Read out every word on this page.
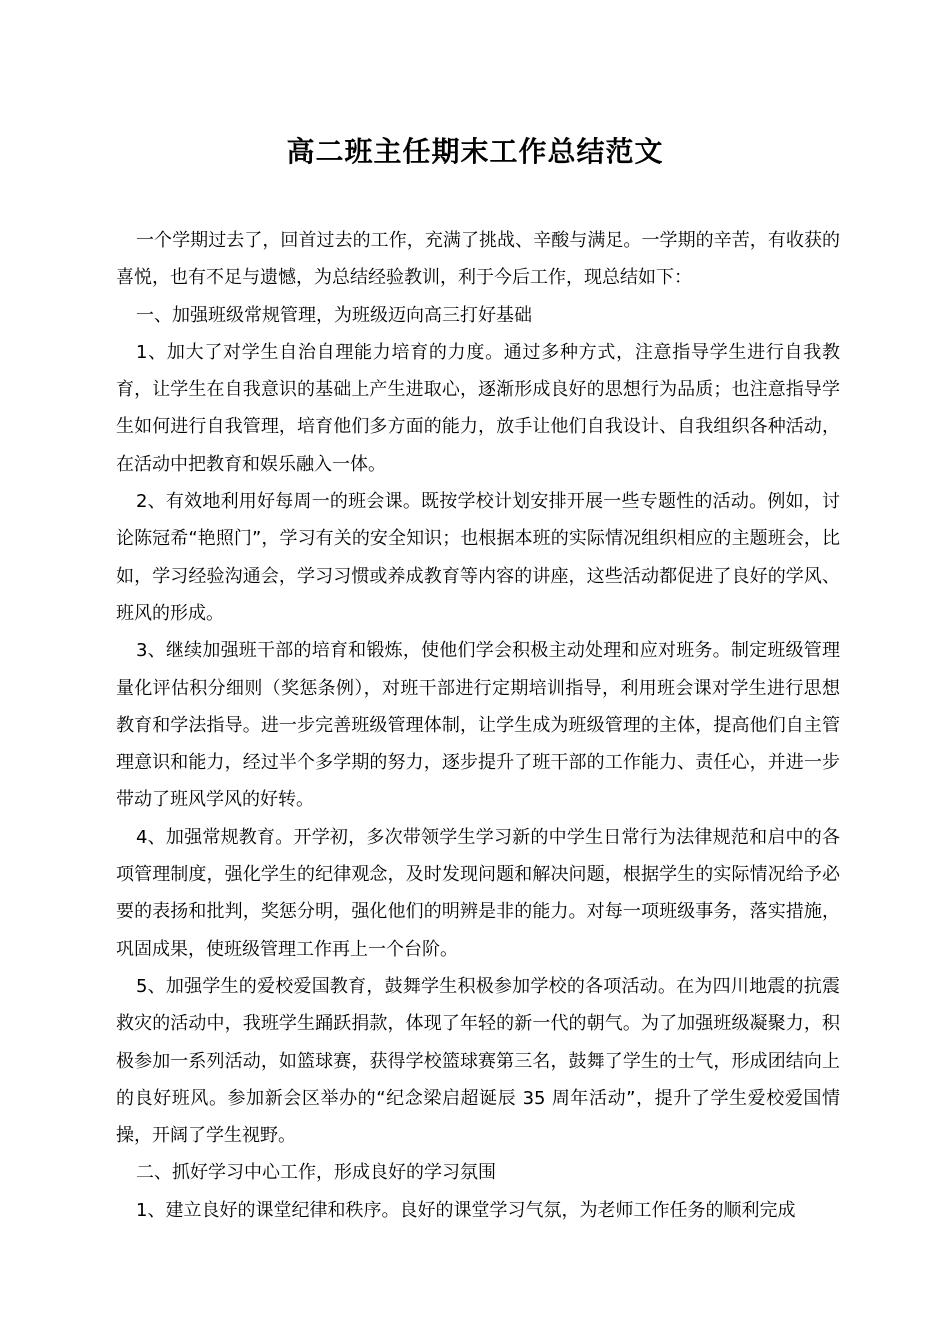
高二班主任期末工作总结范文

一个学期过去了，回首过去的工作，充满了挑战、辛酸与满足。一学期的辛苦，有收获的喜悦，也有不足与遗憾，为总结经验教训，利于今后工作，现总结如下：

一、加强班级常规管理，为班级迈向高三打好基础

1、加大了对学生自治自理能力培育的力度。通过多种方式，注意指导学生进行自我教育，让学生在自我意识的基础上产生进取心，逐渐形成良好的思想行为品质；也注意指导学生如何进行自我管理，培育他们多方面的能力，放手让他们自我设计、自我组织各种活动，在活动中把教育和娱乐融入一体。

2、有效地利用好每周一的班会课。既按学校计划安排开展一些专题性的活动。例如，讨论陈冠希“艳照门”，学习有关的安全知识；也根据本班的实际情况组织相应的主题班会，比如，学习经验沟通会，学习习惯或养成教育等内容的讲座，这些活动都促进了良好的学风、班风的形成。

3、继续加强班干部的培育和锻炼，使他们学会积极主动处理和应对班务。制定班级管理量化评估积分细则（奖惩条例），对班干部进行定期培训指导，利用班会课对学生进行思想教育和学法指导。进一步完善班级管理体制，让学生成为班级管理的主体，提高他们自主管理意识和能力，经过半个多学期的努力，逐步提升了班干部的工作能力、责任心，并进一步带动了班风学风的好转。

4、加强常规教育。开学初，多次带领学生学习新的中学生日常行为法律规范和启中的各项管理制度，强化学生的纪律观念，及时发现问题和解决问题，根据学生的实际情况给予必要的表扬和批判，奖惩分明，强化他们的明辨是非的能力。对每一项班级事务，落实措施，巩固成果，使班级管理工作再上一个台阶。

5、加强学生的爱校爱国教育，鼓舞学生积极参加学校的各项活动。在为四川地震的抗震救灾的活动中，我班学生踊跃捐款，体现了年轻的新一代的朝气。为了加强班级凝聚力，积极参加一系列活动，如篮球赛，获得学校篮球赛第三名，鼓舞了学生的士气，形成团结向上的良好班风。参加新会区举办的“纪念梁启超诞辰 35 周年活动”，提升了学生爱校爱国情操，开阔了学生视野。

二、抓好学习中心工作，形成良好的学习氛围

1、建立良好的课堂纪律和秩序。良好的课堂学习气氛，为老师工作任务的顺利完成
